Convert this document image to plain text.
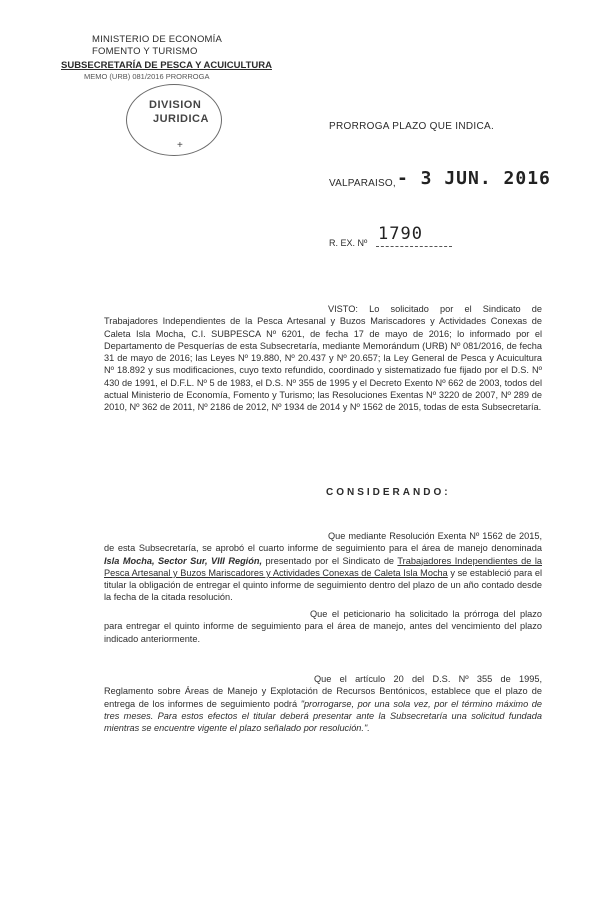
MINISTERIO DE ECONOMÍA
FOMENTO Y TURISMO
SUBSECRETARÍA DE PESCA Y ACUICULTURA
MEMO (URB) 081/2016 PRORROGA
DIVISION
JURIDICA
+
PRORROGA PLAZO QUE INDICA.
VALPARAISO, - 3 JUN. 2016
R. EX. Nº 1790
VISTO: Lo solicitado por el Sindicato de Trabajadores Independientes de la Pesca Artesanal y Buzos Mariscadores y Actividades Conexas de Caleta Isla Mocha, C.I. SUBPESCA Nº 6201, de fecha 17 de mayo de 2016; lo informado por el Departamento de Pesquerías de esta Subsecretaría, mediante Memorándum (URB) Nº 081/2016, de fecha 31 de mayo de 2016; las Leyes Nº 19.880, Nº 20.437 y Nº 20.657; la Ley General de Pesca y Acuicultura Nº 18.892 y sus modificaciones, cuyo texto refundido, coordinado y sistematizado fue fijado por el D.S. Nº 430 de 1991, el D.F.L. Nº 5 de 1983, el D.S. Nº 355 de 1995 y el Decreto Exento Nº 662 de 2003, todos del actual Ministerio de Economía, Fomento y Turismo; las Resoluciones Exentas Nº 3220 de 2007, Nº 289 de 2010, Nº 362 de 2011, Nº 2186 de 2012, Nº 1934 de 2014 y Nº 1562 de 2015, todas de esta Subsecretaría.
CONSIDERANDO:
Que mediante Resolución Exenta Nº 1562 de 2015, de esta Subsecretaría, se aprobó el cuarto informe de seguimiento para el área de manejo denominada Isla Mocha, Sector Sur, VIII Región, presentado por el Sindicato de Trabajadores Independientes de la Pesca Artesanal y Buzos Mariscadores y Actividades Conexas de Caleta Isla Mocha y se estableció para el titular la obligación de entregar el quinto informe de seguimiento dentro del plazo de un año contado desde la fecha de la citada resolución.
Que el peticionario ha solicitado la prórroga del plazo para entregar el quinto informe de seguimiento para el área de manejo, antes del vencimiento del plazo indicado anteriormente.
Que el artículo 20 del D.S. Nº 355 de 1995, Reglamento sobre Áreas de Manejo y Explotación de Recursos Bentónicos, establece que el plazo de entrega de los informes de seguimiento podrá "prorrogarse, por una sola vez, por el término máximo de tres meses. Para estos efectos el titular deberá presentar ante la Subsecretaría una solicitud fundada mientras se encuentre vigente el plazo señalado por resolución.".
